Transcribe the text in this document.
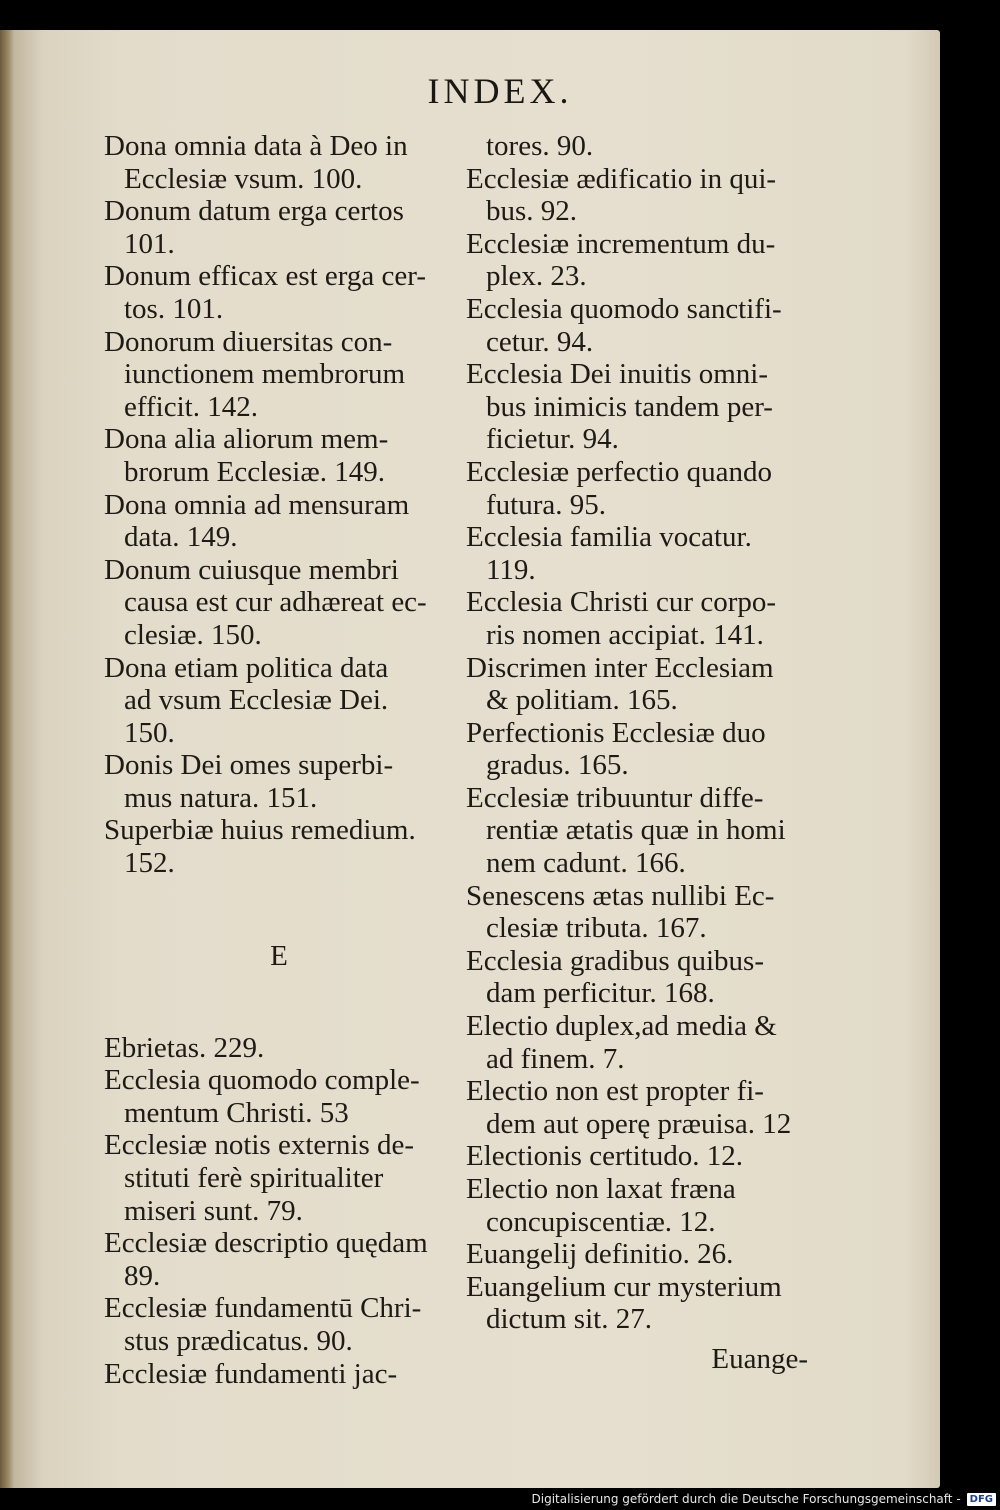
INDEX.
Dona omnia data à Deo in
Ecclesiæ vsum. 100.
Donum datum erga certos
101.
Donum efficax est erga cer-
tos. 101.
Donorum diuersitas con-
iunctionem membrorum
efficit. 142.
Dona alia aliorum mem-
brorum Ecclesiæ. 149.
Dona omnia ad mensuram
data. 149.
Donum cuiusque membri
causa est cur adhæreat ec-
clesiæ. 150.
Dona etiam politica data
ad vsum Ecclesiæ Dei.
150.
Donis Dei omes superbi-
mus natura. 151.
Superbiæ huius remedium.
152.
E
Ebrietas. 229.
Ecclesia quomodo comple-
mentum Christi. 53
Ecclesiæ notis externis de-
stituti ferè spiritualiter
miseri sunt. 79.
Ecclesiæ descriptio quędam
89.
Ecclesiæ fundamentū Chri-
stus prædicatus. 90.
Ecclesiæ fundamenti jac-
tores. 90.
Ecclesiæ ædificatio in qui-
bus. 92.
Ecclesiæ incrementum du-
plex. 23.
Ecclesia quomodo sanctifi-
cetur. 94.
Ecclesia Dei inuitis omni-
bus inimicis tandem per-
ficietur. 94.
Ecclesiæ perfectio quando
futura. 95.
Ecclesia familia vocatur.
119.
Ecclesia Christi cur corpo-
ris nomen accipiat. 141.
Discrimen inter Ecclesiam
& politiam. 165.
Perfectionis Ecclesiæ duo
gradus. 165.
Ecclesiæ tribuuntur diffe-
rentiæ ætatis quæ in homi
nem cadunt. 166.
Senescens ætas nullibi Ec-
clesiæ tributa. 167.
Ecclesia gradibus quibus-
dam perficitur. 168.
Electio duplex,ad media &
ad finem. 7.
Electio non est propter fi-
dem aut operę præuisa. 12
Electionis certitudo. 12.
Electio non laxat fræna
concupiscentiæ. 12.
Euangelij definitio. 26.
Euangelium cur mysterium
dictum sit. 27.
Euange-
Digitalisierung gefördert durch die Deutsche Forschungsgemeinschaft - DFG
